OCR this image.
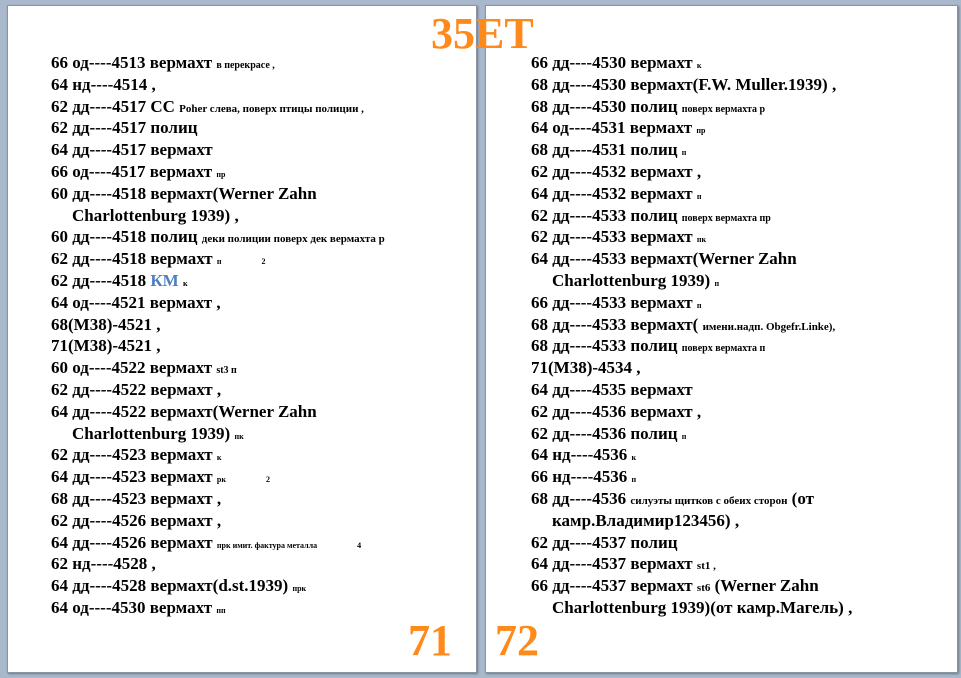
66 од----4513 вермахт в перекрасе ,
64 нд----4514 ,
62 дд----4517 СС Poher слева, поверх птицы полиции ,
62 дд----4517 полиц
64 дд----4517 вермахт
66 од----4517 вермахт пр
60 дд----4518 вермахт(Werner Zahn
Charlottenburg 1939) ,
60 дд----4518 полиц деки полиции поверх дек вермахта р
62 дд----4518 вермахт п	2
62 дд----4518 КМ к
64 од----4521 вермахт ,
68(М38)-4521 ,
71(М38)-4521 ,
60 од----4522 вермахт st3 п
62 дд----4522 вермахт ,
64 дд----4522 вермахт(Werner Zahn
Charlottenburg 1939) пк
62 дд----4523 вермахт к
64 дд----4523 вермахт рк	2
68 дд----4523 вермахт ,
62 дд----4526 вермахт ,
64 дд----4526 вермахт прк имит. фактура металла	4
62 нд----4528 ,
64 дд----4528 вермахт(d.st.1939) прк
64 од----4530 вермахт пп
66 дд----4530 вермахт к
68 дд----4530 вермахт(F.W. Muller.1939) ,
68 дд----4530 полиц поверх вермахта р
64 од----4531 вермахт пр
68 дд----4531 полиц п
62 дд----4532 вермахт ,
64 дд----4532 вермахт п
62 дд----4533 полиц поверх вермахта пр
62 дд----4533 вермахт пк
64 дд----4533 вермахт(Werner Zahn
Charlottenburg 1939) п
66 дд----4533 вермахт п
68 дд----4533 вермахт( имени.надп. Obgefr.Linke),
68 дд----4533 полиц поверх вермахта п
71(М38)-4534 ,
64 дд----4535 вермахт
62 дд----4536 вермахт ,
62 дд----4536 полиц п
64 нд----4536 к
66 нд----4536 п
68 дд----4536 силуэты щитков с обеих сторон (от
камр.Владимир123456) ,
62 дд----4537 полиц
64 дд----4537 вермахт st1 ,
66 дд----4537 вермахт st6 (Werner Zahn
Charlottenburg 1939)(от камр.Магель) ,
35ET
71 72
